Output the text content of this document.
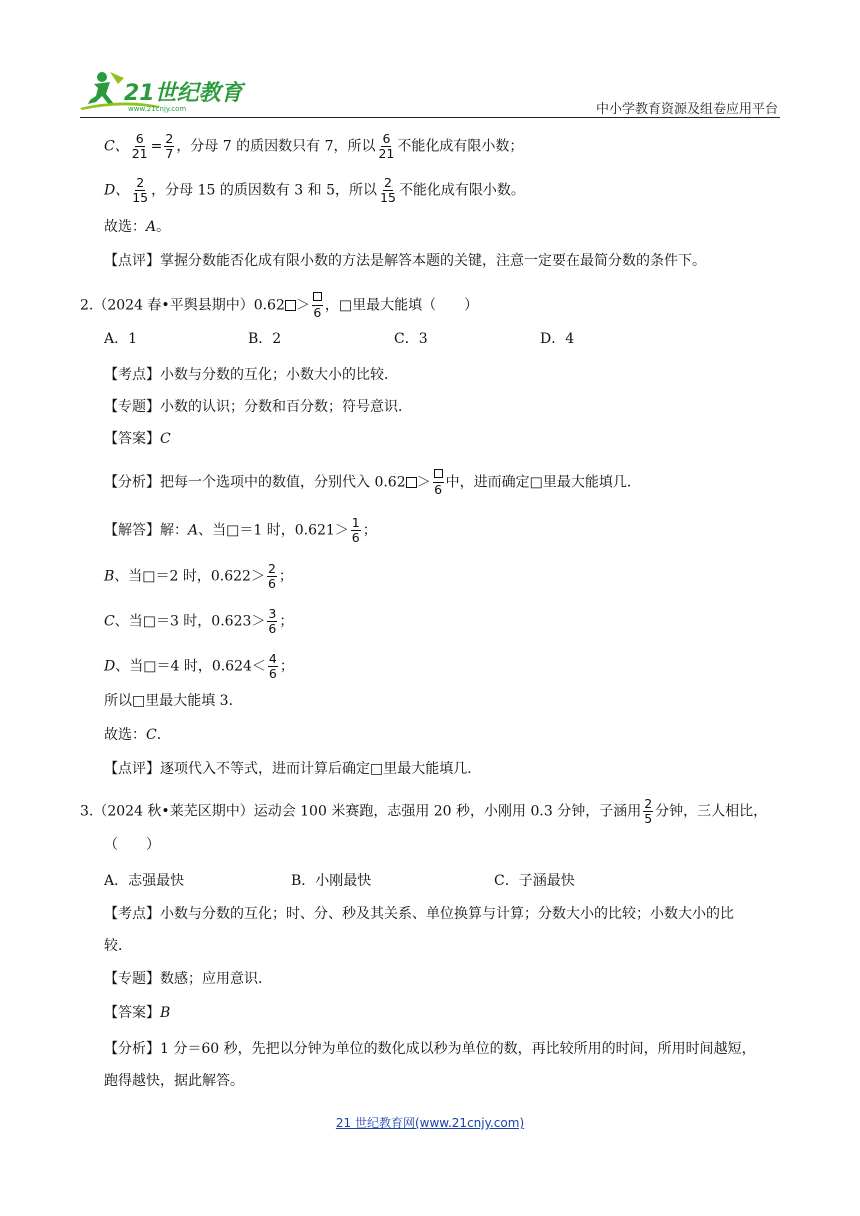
21世纪教育
www.21cnjy.com	中小学教育资源及组卷应用平台
C、 $\frac{6}{21} = \frac{2}{7}$ ，分母 7 的质因数只有 7，所以 $\frac{6}{21}$ 不能化成有限小数；
D、 $\frac{2}{15}$ ，分母 15 的质因数有 3 和 5，所以 $\frac{2}{15}$ 不能化成有限小数。
故选：A。
【点评】掌握分数能否化成有限小数的方法是解答本题的关键，注意一定要在最简分数的条件下。
2.（2024 春•平舆县期中）0.62 ＞ 6 ，□里最大能填（　　）
A．1	B．2	C．3	D．4
【考点】小数与分数的互化；小数大小的比较．
【专题】小数的认识；分数和百分数；符号意识．
【答案】C
【分析】把每一个选项中的数值，分别代入 0.62 ＞ 6 中，进而确定□里最大能填几．
【解答】解：A、当□＝1 时，$0.621> \frac{1}{6}$ ；
B、当□＝2 时，$0.622> \frac{2}{6}$ ；
C、当□＝3 时，$0.623> \frac{3}{6}$ ；
D、当□＝4 时，$0.624< \frac{4}{6}$ ；
所以□里最大能填 3．
故选：C．
【点评】逐项代入不等式，进而计算后确定□里最大能填几．
3.（2024 秋•莱芜区期中）运动会 100 米赛跑，志强用 20 秒，小刚用 0.3 分钟，子涵用 $\frac{2}{5}$ 分钟，三人相比，
（　　）
A．志强最快	B．小刚最快	C．子涵最快
【考点】小数与分数的互化；时、分、秒及其关系、单位换算与计算；分数大小的比较；小数大小的比
较．
【专题】数感；应用意识．
【答案】B
【分析】1 分＝60 秒，先把以分钟为单位的数化成以秒为单位的数，再比较所用的时间，所用时间越短，
跑得越快，据此解答。
21 世纪教育网(www.21cnjy.com)
